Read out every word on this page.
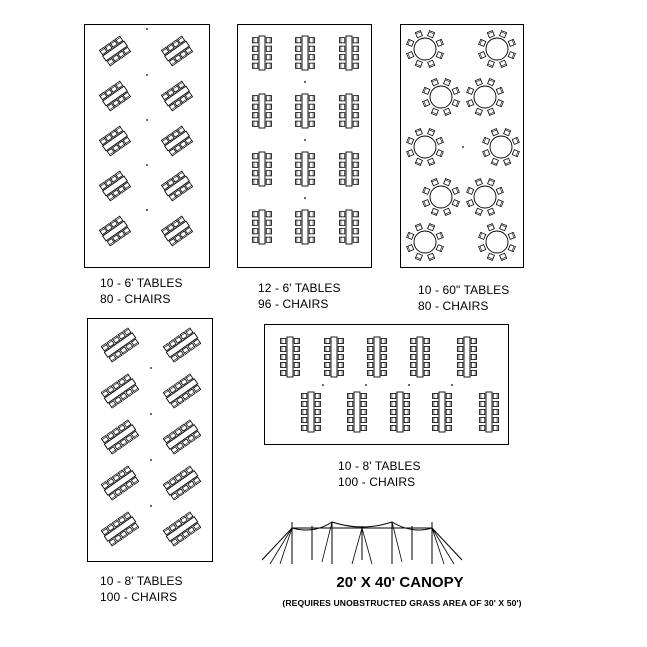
10 - 6' TABLES
80 - CHAIRS
12 - 6' TABLES
96 - CHAIRS
10 - 60" TABLES
80 - CHAIRS
10 - 8' TABLES
100 - CHAIRS
10 - 8' TABLES
100 - CHAIRS
20' X 40' CANOPY
(REQUIRES UNOBSTRUCTED GRASS AREA OF 30' X 50')
